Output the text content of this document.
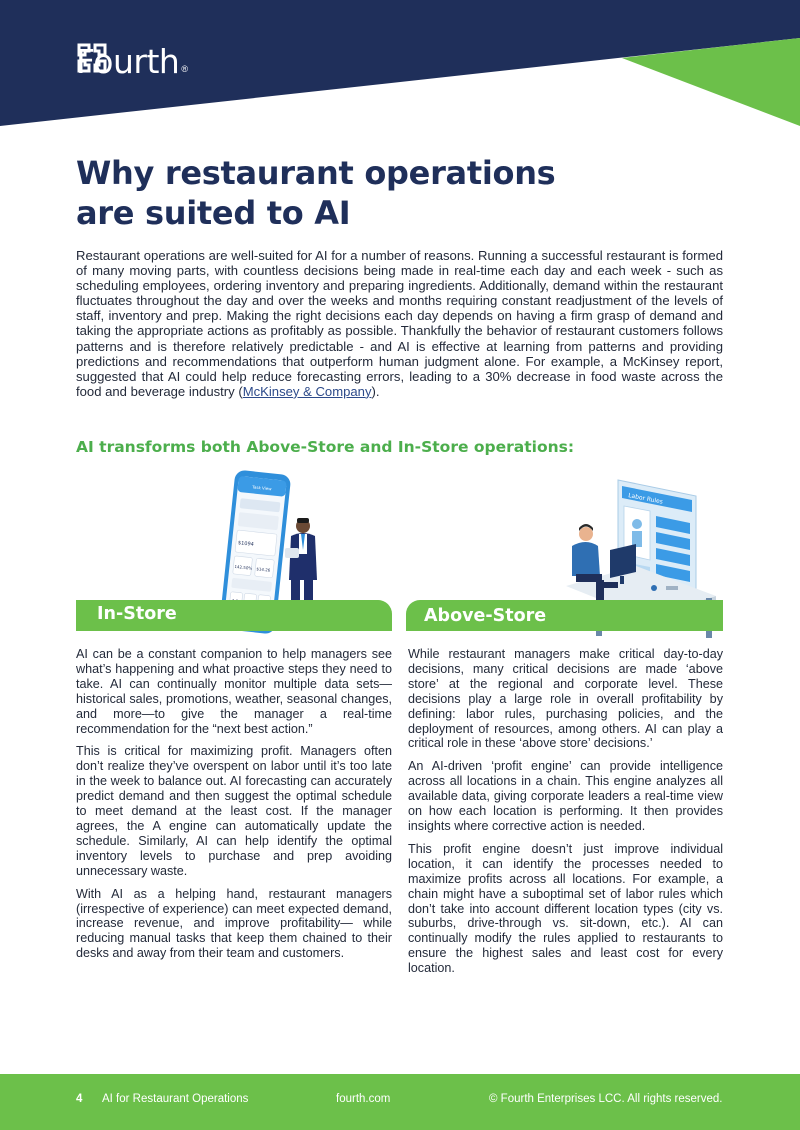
Fourth ®
Why restaurant operations are suited to AI

Restaurant operations are well-suited for AI for a number of reasons. Running a successful restaurant is formed of many moving parts, with countless decisions being made in real-time each day and each week - such as scheduling employees, ordering inventory and preparing ingredients. Additionally, demand within the restaurant fluctuates throughout the day and over the weeks and months requiring constant readjustment of the levels of staff, inventory and prep. Making the right decisions each day depends on having a firm grasp of demand and taking the appropriate actions as profitably as possible. Thankfully the behavior of restaurant customers follows patterns and is therefore relatively predictable - and AI is effective at learning from patterns and providing predictions and recommendations that outperform human judgment alone. For example, a McKinsey report, suggested that AI could help reduce forecasting errors, leading to a 30% decrease in food waste across the food and beverage industry (McKinsey & Company).

AI transforms both Above-Store and In-Store operations:
Task View
$1094
142.50% $14.26
Labor Rules
In-Store	Above-Store

AI can be a constant companion to help managers see what’s happening and what proactive steps they need to take. AI can continually monitor multiple data sets—historical sales, promotions, weather, seasonal changes, and more—to give the manager a real-time recommendation for the “next best action.”

This is critical for maximizing profit. Managers often don’t realize they’ve overspent on labor until it’s too late in the week to balance out. AI forecasting can accurately predict demand and then suggest the optimal schedule to meet demand at the least cost. If the manager agrees, the A engine can automatically update the schedule. Similarly, AI can help identify the optimal inventory levels to purchase and prep avoiding unnecessary waste.

With AI as a helping hand, restaurant managers (irrespective of experience) can meet expected demand, increase revenue, and improve profitability— while reducing manual tasks that keep them chained to their desks and away from their team and customers.

While restaurant managers make critical day-to-day decisions, many critical decisions are made ‘above store’ at the regional and corporate level. These decisions play a large role in overall profitability by defining: labor rules, purchasing policies, and the deployment of resources, among others. AI can play a critical role in these ‘above store’ decisions.’

An AI-driven ‘profit engine’ can provide intelligence across all locations in a chain. This engine analyzes all available data, giving corporate leaders a real-time view on how each location is performing. It then provides insights where corrective action is needed.

This profit engine doesn’t just improve individual location, it can identify the processes needed to maximize profits across all locations. For example, a chain might have a suboptimal set of labor rules which don’t take into account different location types (city vs. suburbs, drive-through vs. sit-down, etc.). AI can continually modify the rules applied to restaurants to ensure the highest sales and least cost for every location.

4 AI for Restaurant Operations	fourth.com	© Fourth Enterprises LCC. All rights reserved.
